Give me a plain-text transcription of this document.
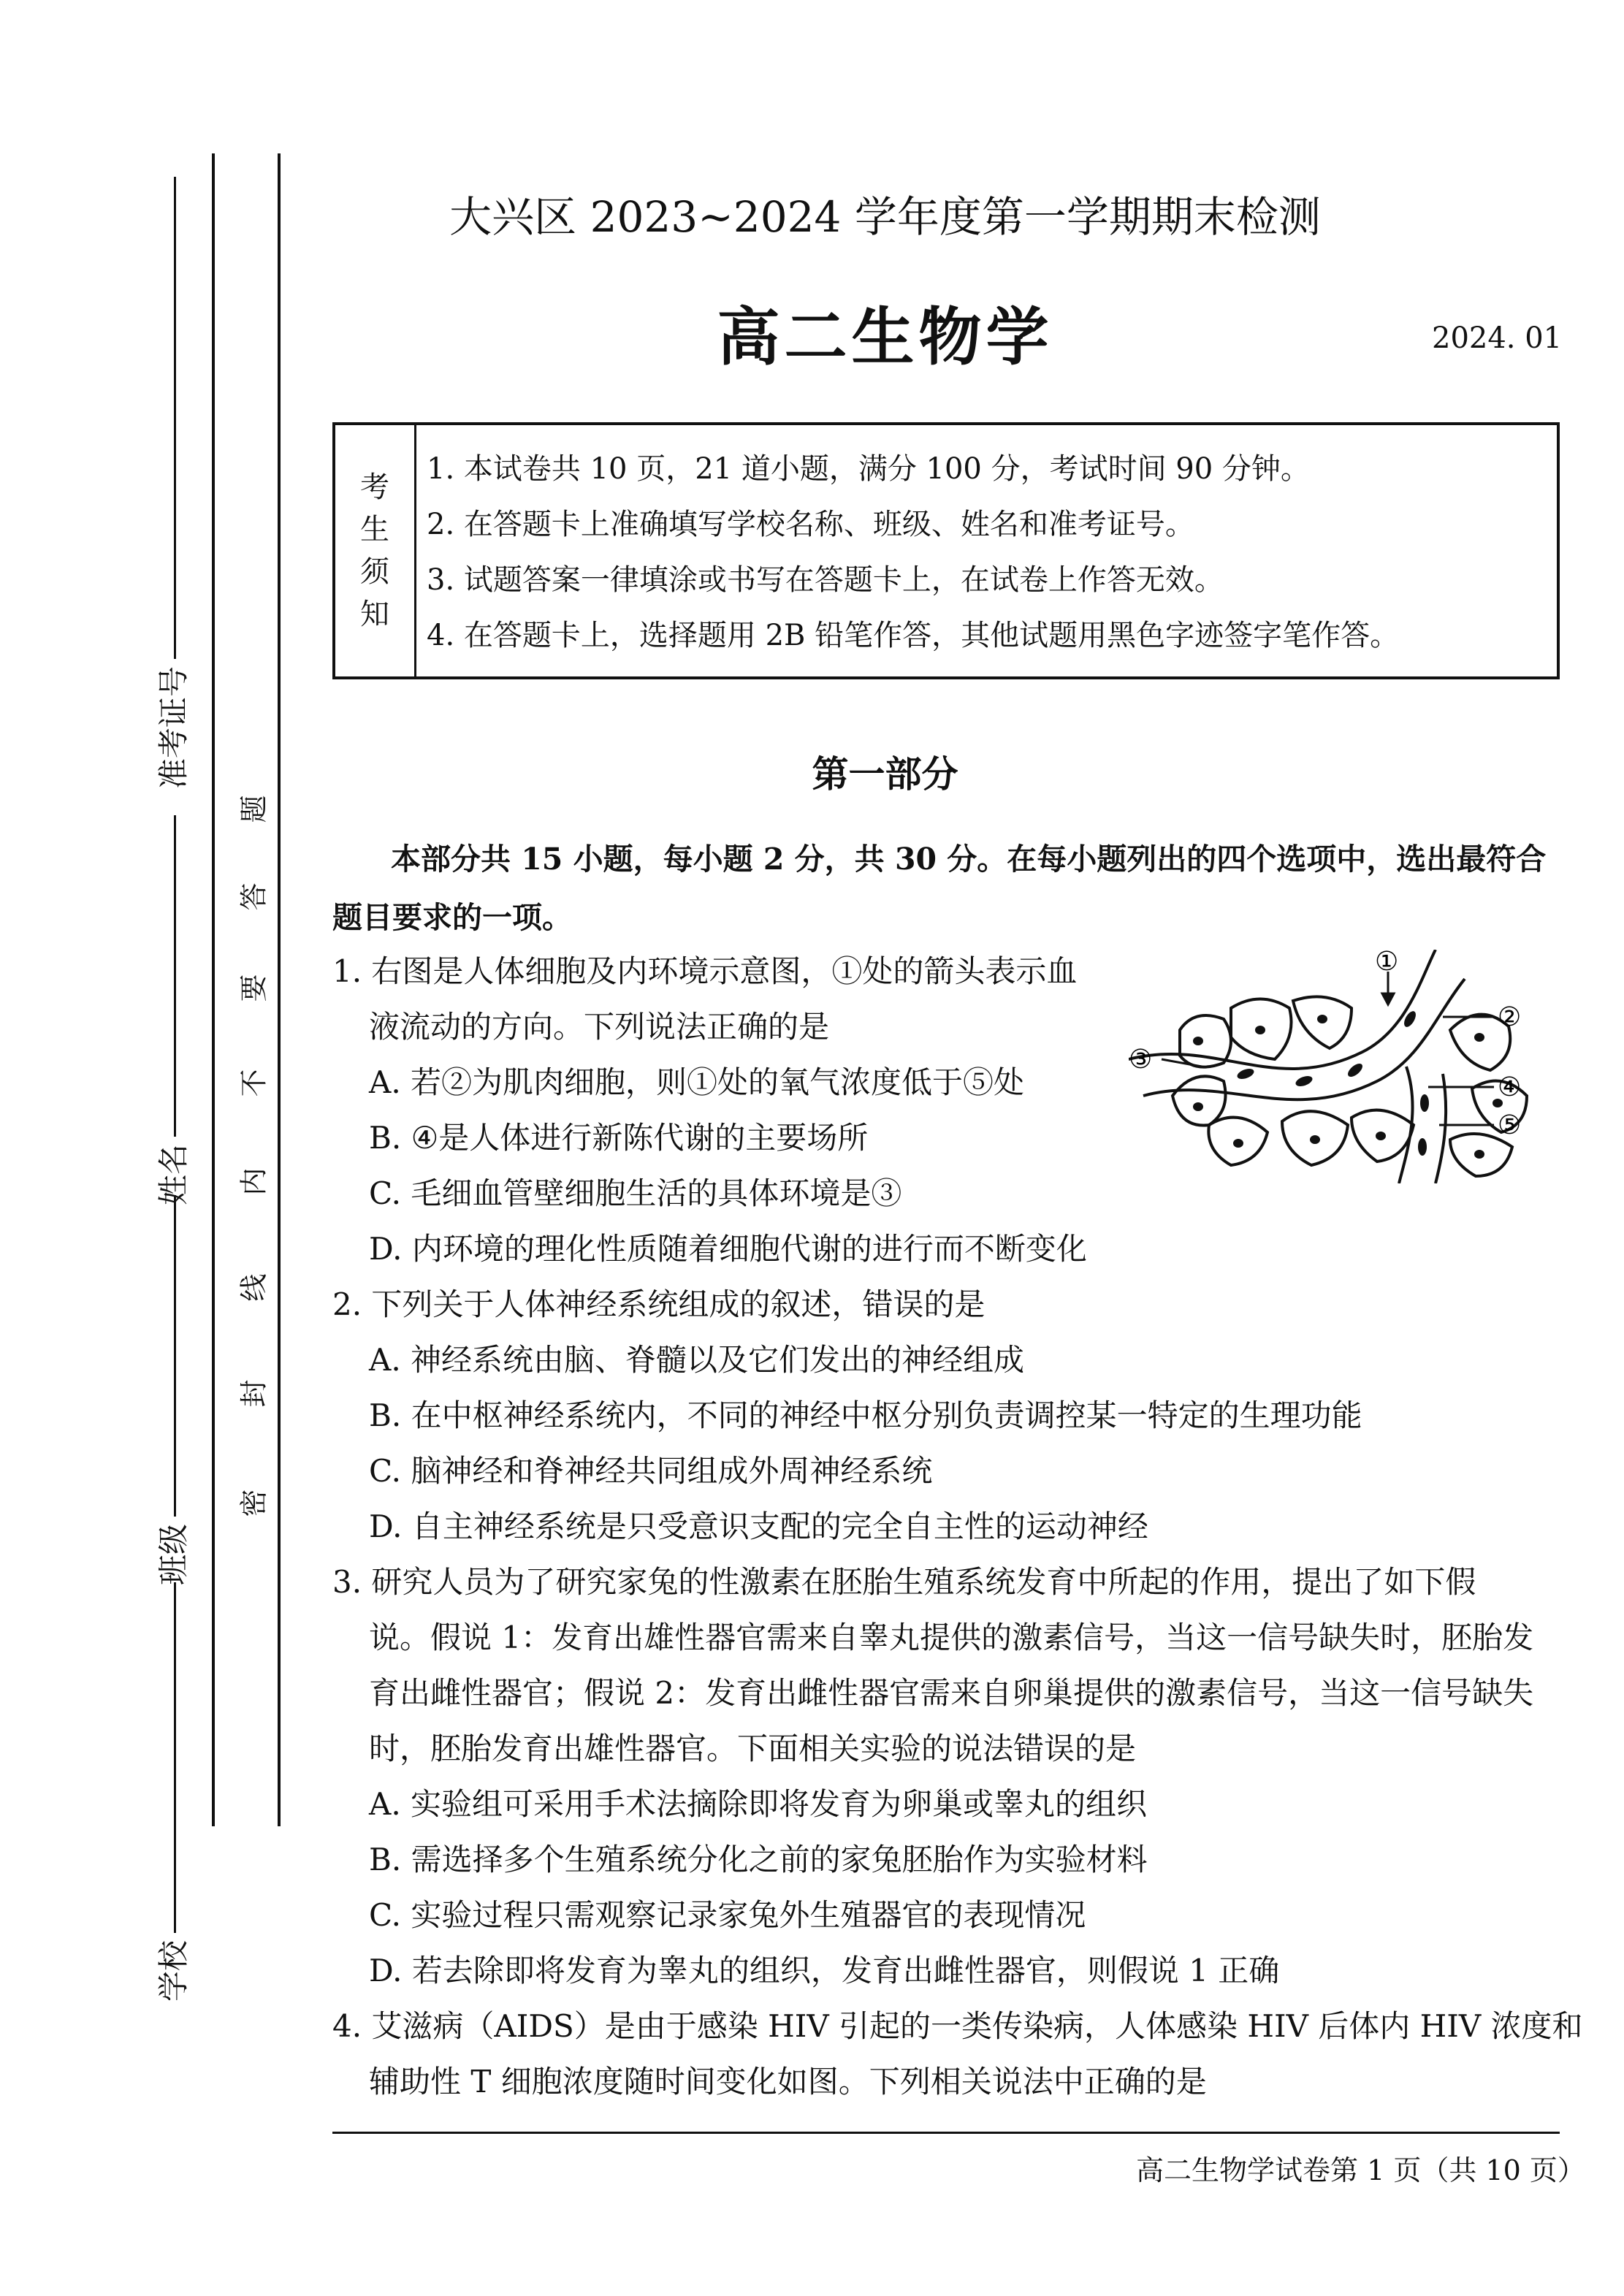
准考证号
姓名
班级
学校
密
封
线
内
不
要
答
题
大兴区 2023~2024 学年度第一学期期末检测
高二生物学	2024. 01
考
生
须
知
1. 本试卷共 10 页，21 道小题，满分 100 分，考试时间 90 分钟。
2. 在答题卡上准确填写学校名称、班级、姓名和准考证号。
3. 试题答案一律填涂或书写在答题卡上，在试卷上作答无效。
4. 在答题卡上，选择题用 2B 铅笔作答，其他试题用黑色字迹签字笔作答。
第一部分
本部分共 15 小题，每小题 2 分，共 30 分。在每小题列出的四个选项中，选出最符合
题目要求的一项。
1. 右图是人体细胞及内环境示意图，①处的箭头表示血
液流动的方向。下列说法正确的是
A. 若②为肌肉细胞，则①处的氧气浓度低于⑤处
B. ④是人体进行新陈代谢的主要场所
C. 毛细血管壁细胞生活的具体环境是③
D. 内环境的理化性质随着细胞代谢的进行而不断变化
①
②
③
④
⑤
2. 下列关于人体神经系统组成的叙述，错误的是
A. 神经系统由脑、脊髓以及它们发出的神经组成
B. 在中枢神经系统内，不同的神经中枢分别负责调控某一特定的生理功能
C. 脑神经和脊神经共同组成外周神经系统
D. 自主神经系统是只受意识支配的完全自主性的运动神经
3. 研究人员为了研究家兔的性激素在胚胎生殖系统发育中所起的作用，提出了如下假
说。假说 1：发育出雄性器官需来自睾丸提供的激素信号，当这一信号缺失时，胚胎发
育出雌性器官；假说 2：发育出雌性器官需来自卵巢提供的激素信号，当这一信号缺失
时，胚胎发育出雄性器官。下面相关实验的说法错误的是
A. 实验组可采用手术法摘除即将发育为卵巢或睾丸的组织
B. 需选择多个生殖系统分化之前的家兔胚胎作为实验材料
C. 实验过程只需观察记录家兔外生殖器官的表现情况
D. 若去除即将发育为睾丸的组织，发育出雌性器官，则假说 1 正确
4. 艾滋病（AIDS）是由于感染 HIV 引起的一类传染病，人体感染 HIV 后体内 HIV 浓度和
辅助性 T 细胞浓度随时间变化如图。下列相关说法中正确的是
高二生物学试卷第 1 页（共 10 页）
